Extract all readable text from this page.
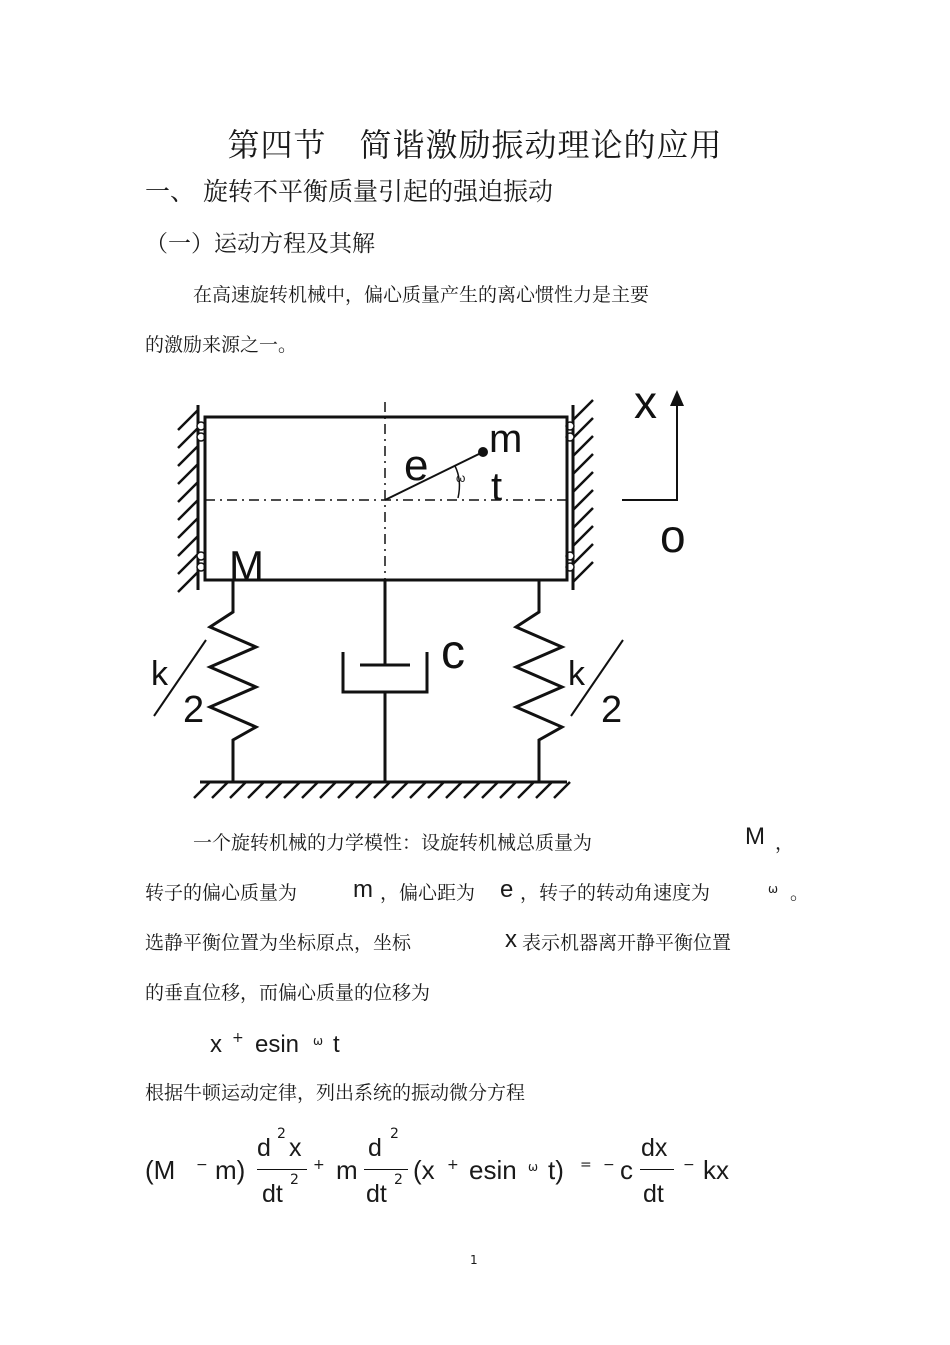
第四节　简谐激励振动理论的应用
一、 旋转不平衡质量引起的强迫振动
（一）运动方程及其解
在高速旋转机械中，偏心质量产生的离心惯性力是主要
的激励来源之一。
e
m
t
ω
M
x
o
c
k
2
k
2
一个旋转机械的力学模性：设旋转机械总质量为	M ，
转子的偏心质量为 m ，偏心距为 e ，转子的转动角速度为	ω 。
选静平衡位置为坐标原点，坐标	x 表示机器离开静平衡位置
的垂直位移，而偏心质量的位移为
x + esin ω t
根据牛顿运动定律，列出系统的振动微分方程
(M − m)
d 2 x
dt 2
+ m
d 2
dt 2 (x + esin ω t) = − c
dx
dt
− kx
1
